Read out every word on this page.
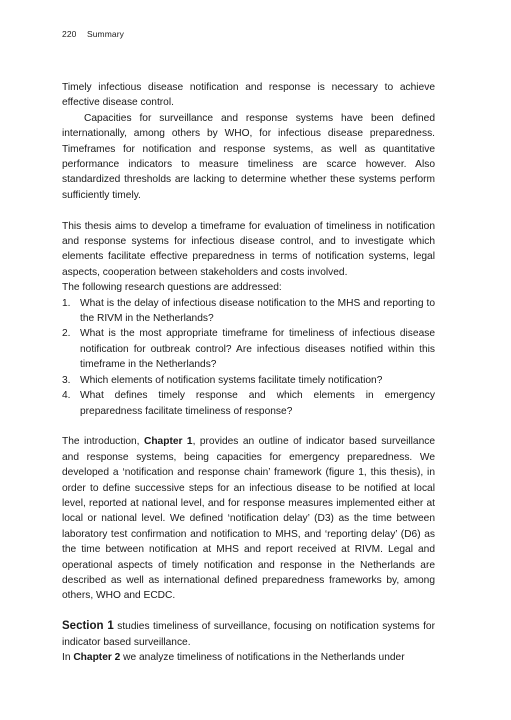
220 Summary

Timely infectious disease notification and response is necessary to achieve effective disease control.

Capacities for surveillance and response systems have been defined internationally, among others by WHO, for infectious disease preparedness. Timeframes for notification and response systems, as well as quantitative performance indicators to measure timeliness are scarce however. Also standardized thresholds are lacking to determine whether these systems perform sufficiently timely.

This thesis aims to develop a timeframe for evaluation of timeliness in notification and response systems for infectious disease control, and to investigate which elements facilitate effective preparedness in terms of notification systems, legal aspects, cooperation between stakeholders and costs involved.

The following research questions are addressed:

1. What is the delay of infectious disease notification to the MHS and reporting to the RIVM in the Netherlands?
2. What is the most appropriate timeframe for timeliness of infectious disease notification for outbreak control? Are infectious diseases notified within this timeframe in the Netherlands?
3. Which elements of notification systems facilitate timely notification?
4. What defines timely response and which elements in emergency preparedness facilitate timeliness of response?

The introduction, Chapter 1, provides an outline of indicator based surveillance and response systems, being capacities for emergency preparedness. We developed a ‘notification and response chain’ framework (figure 1, this thesis), in order to define successive steps for an infectious disease to be notified at local level, reported at national level, and for response measures implemented either at local or national level. We defined ‘notification delay’ (D3) as the time between laboratory test confirmation and notification to MHS, and ‘reporting delay’ (D6) as the time between notification at MHS and report received at RIVM. Legal and operational aspects of timely notification and response in the Netherlands are described as well as international defined preparedness frameworks by, among others, WHO and ECDC.

Section 1 studies timeliness of surveillance, focusing on notification systems for indicator based surveillance.

In Chapter 2 we analyze timeliness of notifications in the Netherlands under
